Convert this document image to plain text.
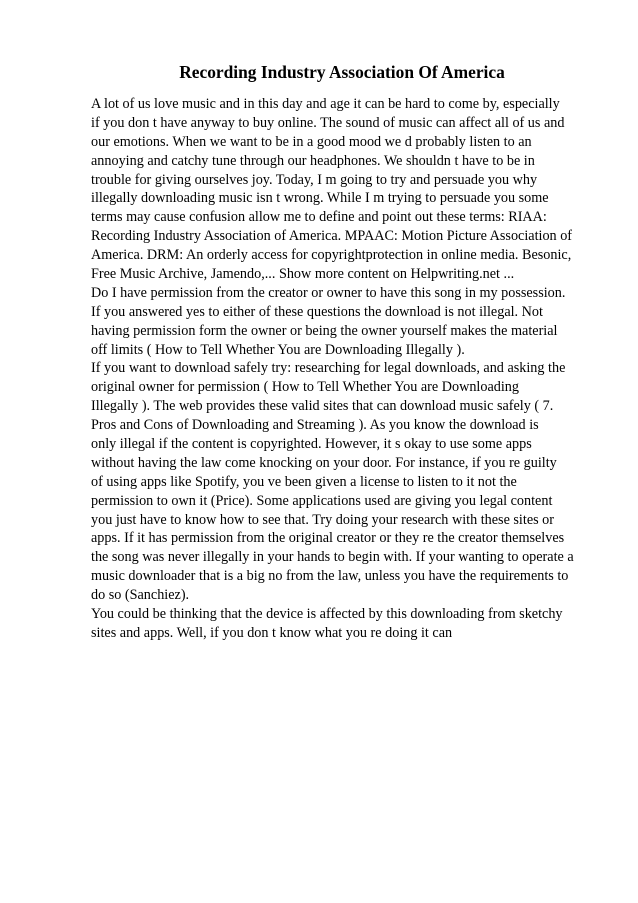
Recording Industry Association Of America
A lot of us love music and in this day and age it can be hard to come by, especially
if you don t have anyway to buy online. The sound of music can affect all of us and
our emotions. When we want to be in a good mood we d probably listen to an
annoying and catchy tune through our headphones. We shouldn t have to be in
trouble for giving ourselves joy. Today, I m going to try and persuade you why
illegally downloading music isn t wrong. While I m trying to persuade you some
terms may cause confusion allow me to define and point out these terms: RIAA:
Recording Industry Association of America. MPAAC: Motion Picture Association of
America. DRM: An orderly access for copyrightprotection in online media. Besonic,
Free Music Archive, Jamendo,... Show more content on Helpwriting.net ...
Do I have permission from the creator or owner to have this song in my possession.
If you answered yes to either of these questions the download is not illegal. Not
having permission form the owner or being the owner yourself makes the material
off limits ( How to Tell Whether You are Downloading Illegally ).
If you want to download safely try: researching for legal downloads, and asking the
original owner for permission ( How to Tell Whether You are Downloading
Illegally ). The web provides these valid sites that can download music safely ( 7.
Pros and Cons of Downloading and Streaming ). As you know the download is
only illegal if the content is copyrighted. However, it s okay to use some apps
without having the law come knocking on your door. For instance, if you re guilty
of using apps like Spotify, you ve been given a license to listen to it not the
permission to own it (Price). Some applications used are giving you legal content
you just have to know how to see that. Try doing your research with these sites or
apps. If it has permission from the original creator or they re the creator themselves
the song was never illegally in your hands to begin with. If your wanting to operate a
music downloader that is a big no from the law, unless you have the requirements to
do so (Sanchiez).
You could be thinking that the device is affected by this downloading from sketchy
sites and apps. Well, if you don t know what you re doing it can
